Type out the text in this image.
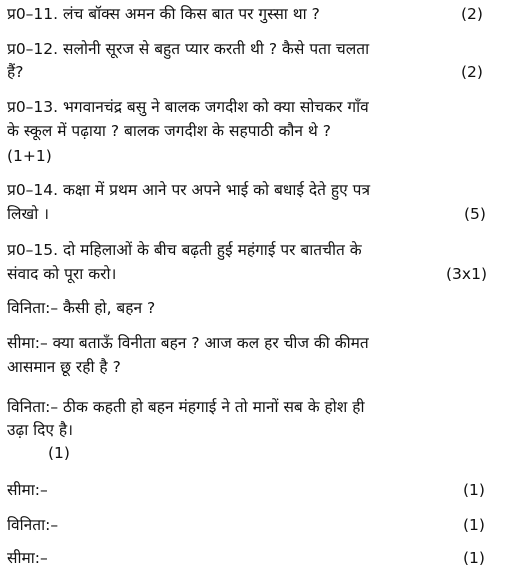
प्र0–11. लंच बॉक्स अमन की किस बात पर गुस्सा था ?	(2)
प्र0–12. सलोनी सूरज से बहुत प्यार करती थी ? कैसे पता चलता
हैं?	(2)
प्र0–13. भगवानचंद्र बसु ने बालक जगदीश को क्या सोचकर गाँव
के स्कूल में पढ़ाया ? बालक जगदीश के सहपाठी कौन थे ?
(1+1)
प्र0–14. कक्षा में प्रथम आने पर अपने भाई को बधाई देते हुए पत्र
लिखो ।	(5)
प्र0–15. दो महिलाओं के बीच बढ़ती हुई महंगाई पर बातचीत के
संवाद को पूरा करो।	(3x1)
विनिता:– कैसी हो, बहन ?
सीमा:– क्या बताऊँ विनीता बहन ? आज कल हर चीज की कीमत
आसमान छू रही है ?
विनिता:– ठीक कहती हो बहन मंहगाई ने तो मानों सब के होश ही
उढ़ा दिए है।
(1)
सीमा:–	(1)
विनिता:–	(1)
सीमा:–	(1)
